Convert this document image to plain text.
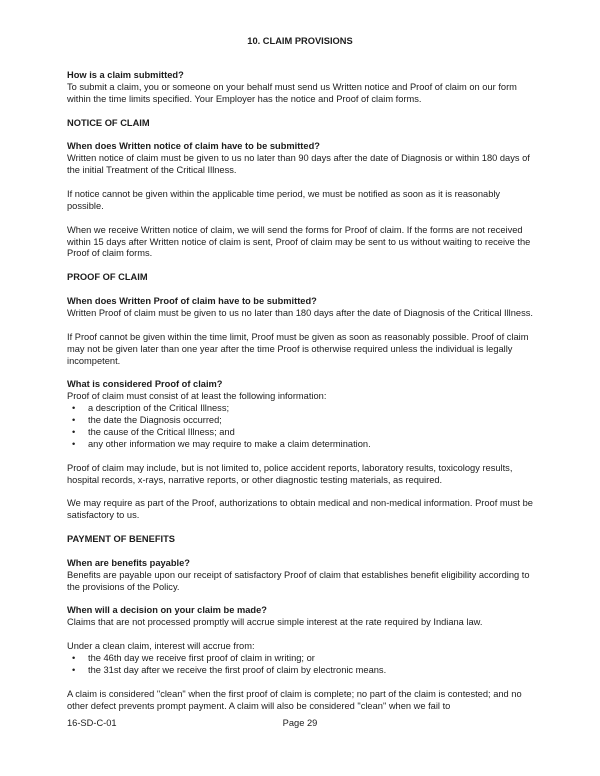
10. CLAIM PROVISIONS
How is a claim submitted?
To submit a claim, you or someone on your behalf must send us Written notice and Proof of claim on our form within the time limits specified. Your Employer has the notice and Proof of claim forms.
NOTICE OF CLAIM
When does Written notice of claim have to be submitted?
Written notice of claim must be given to us no later than 90 days after the date of Diagnosis or within 180 days of the initial Treatment of the Critical Illness.
If notice cannot be given within the applicable time period, we must be notified as soon as it is reasonably possible.
When we receive Written notice of claim, we will send the forms for Proof of claim. If the forms are not received within 15 days after Written notice of claim is sent, Proof of claim may be sent to us without waiting to receive the Proof of claim forms.
PROOF OF CLAIM
When does Written Proof of claim have to be submitted?
Written Proof of claim must be given to us no later than 180 days after the date of Diagnosis of the Critical Illness.
If Proof cannot be given within the time limit, Proof must be given as soon as reasonably possible. Proof of claim may not be given later than one year after the time Proof is otherwise required unless the individual is legally incompetent.
What is considered Proof of claim?
Proof of claim must consist of at least the following information:
• a description of the Critical Illness;
• the date the Diagnosis occurred;
• the cause of the Critical Illness; and
• any other information we may require to make a claim determination.
Proof of claim may include, but is not limited to, police accident reports, laboratory results, toxicology results, hospital records, x-rays, narrative reports, or other diagnostic testing materials, as required.
We may require as part of the Proof, authorizations to obtain medical and non-medical information. Proof must be satisfactory to us.
PAYMENT OF BENEFITS
When are benefits payable?
Benefits are payable upon our receipt of satisfactory Proof of claim that establishes benefit eligibility according to the provisions of the Policy.
When will a decision on your claim be made?
Claims that are not processed promptly will accrue simple interest at the rate required by Indiana law.
Under a clean claim, interest will accrue from:
• the 46th day we receive first proof of claim in writing; or
• the 31st day after we receive the first proof of claim by electronic means.
A claim is considered "clean" when the first proof of claim is complete; no part of the claim is contested; and no other defect prevents prompt payment. A claim will also be considered "clean" when we fail to
16-SD-C-01	Page 29
